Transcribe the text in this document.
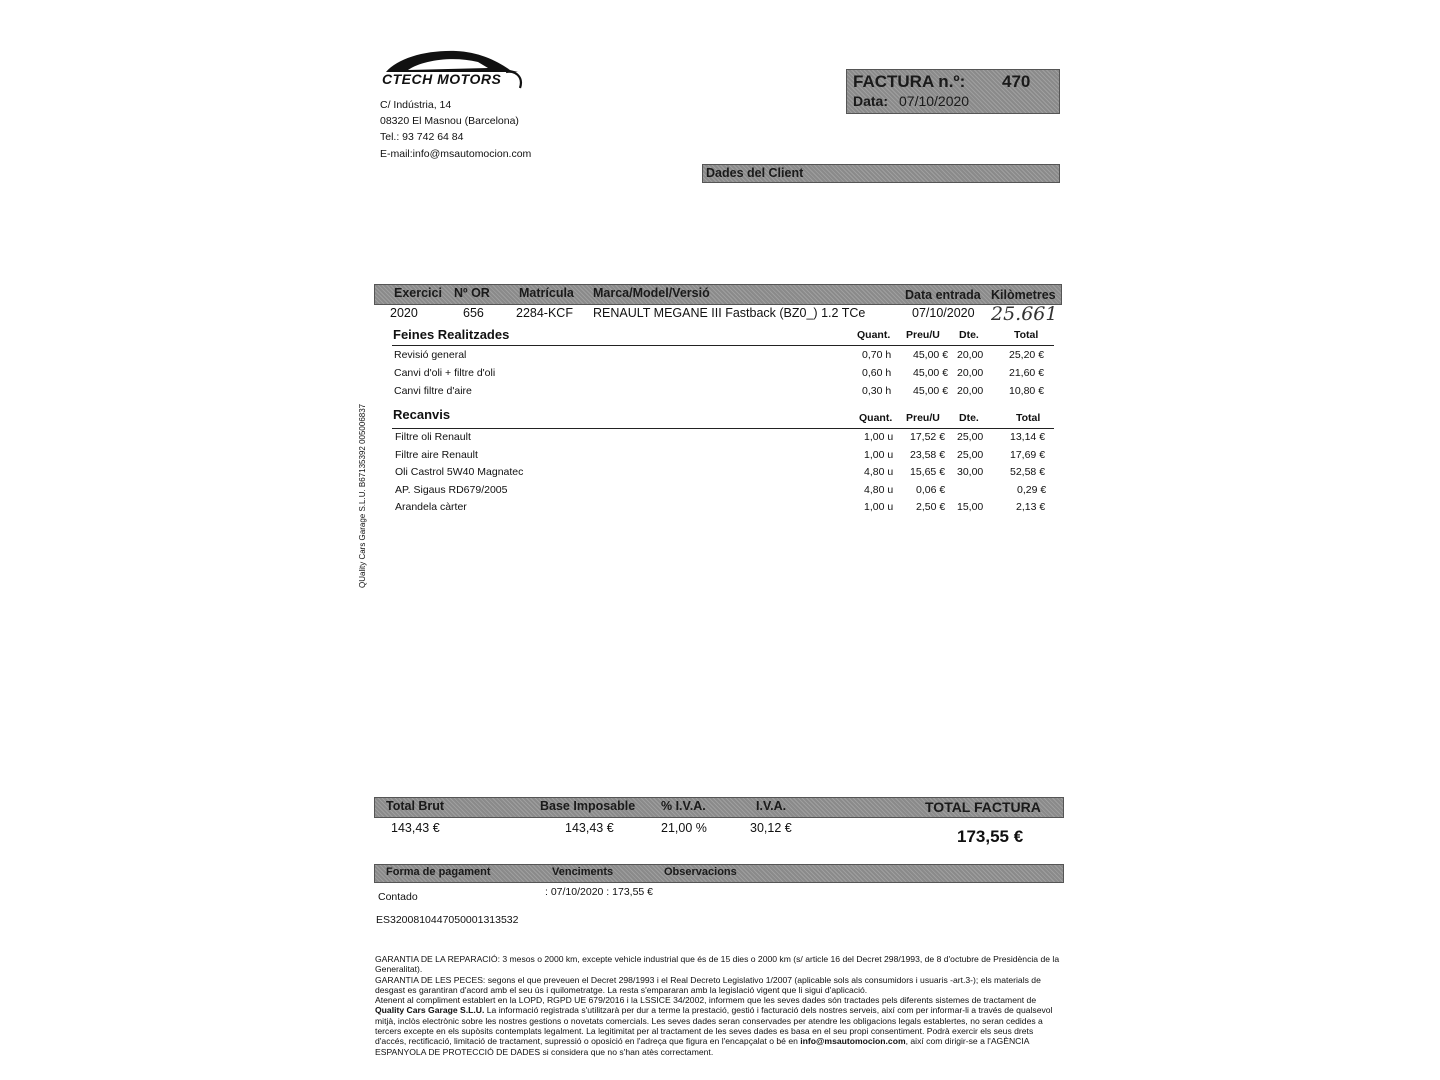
CTECH MOTORS
C/ Indústria, 14
08320 El Masnou (Barcelona)
Tel.: 93 742 64 84
E-mail:info@msautomocion.com
FACTURA n.º: 470
Data: 07/10/2020
Dades del Client
Exercici Nº OR Matrícula Marca/Model/Versió	Data entrada Kilòmetres
2020	656	2284-KCF RENAULT MEGANE III Fastback (BZ0_) 1.2 TCe	07/10/2020 25.661
Feines Realitzades	Quant. Preu/U Dte.	Total
Revisió general	0,70 h 45,00 € 20,00 25,20 €
Canvi d'oli + filtre d'oli	0,60 h 45,00 € 20,00 21,60 €
Canvi filtre d'aire	0,30 h 45,00 € 20,00 10,80 €
Recanvis	Quant. Preu/U Dte.	Total
Filtre oli Renault	1,00 u 17,52 € 25,00	13,14 €
Filtre aire Renault	1,00 u 23,58 € 25,00	17,69 €
Oli Castrol 5W40 Magnatec	4,80 u 15,65 € 30,00	52,58 €
AP. Sigaus RD679/2005	4,80 u 0,06 €	0,29 €
Arandela càrter	1,00 u 2,50 € 15,00	2,13 €
QUality Cars Garage S.L.U. B67135392 005006837
Total Brut	Base Imposable % I.V.A.	I.V.A.	TOTAL FACTURA
143,43 €	143,43 €	21,00 %	30,12 €	173,55 €
Forma de pagament	Venciments	Observacions
Contado	: 07/10/2020 : 173,55 €
ES3200810447050001313532

GARANTIA DE LA REPARACIÓ: 3 mesos o 2000 km, excepte vehicle industrial que és de 15 dies o 2000 km (s/ article 16 del Decret 298/1993, de 8 d'octubre de Presidència de la Generalitat).

GARANTIA DE LES PECES: segons el que preveuen el Decret 298/1993 i el Real Decreto Legislativo 1/2007 (aplicable sols als consumidors i usuaris -art.3-); els materials de desgast es garantiran d'acord amb el seu ús i quilometratge. La resta s'empararan amb la legislació vigent que li sigui d'aplicació.

Atenent al compliment establert en la LOPD, RGPD UE 679/2016 i la LSSICE 34/2002, informem que les seves dades són tractades pels diferents sistemes de tractament de Quality Cars Garage S.L.U. La informació registrada s'utilitzarà per dur a terme la prestació, gestió i facturació dels nostres serveis, així com per informar-li a través de qualsevol mitjà, inclòs electrònic sobre les nostres gestions o novetats comercials. Les seves dades seran conservades per atendre les obligacions legals establertes, no seran cedides a tercers excepte en els supòsits contemplats legalment. La legitimitat per al tractament de les seves dades es basa en el seu propi consentiment. Podrà exercir els seus drets d'accés, rectificació, limitació de tractament, supressió o oposició en l'adreça que figura en l'encapçalat o bé en info@msautomocion.com, així com dirigir-se a l'AGÈNCIA ESPANYOLA DE PROTECCIÓ DE DADES si considera que no s'han atès correctament.
